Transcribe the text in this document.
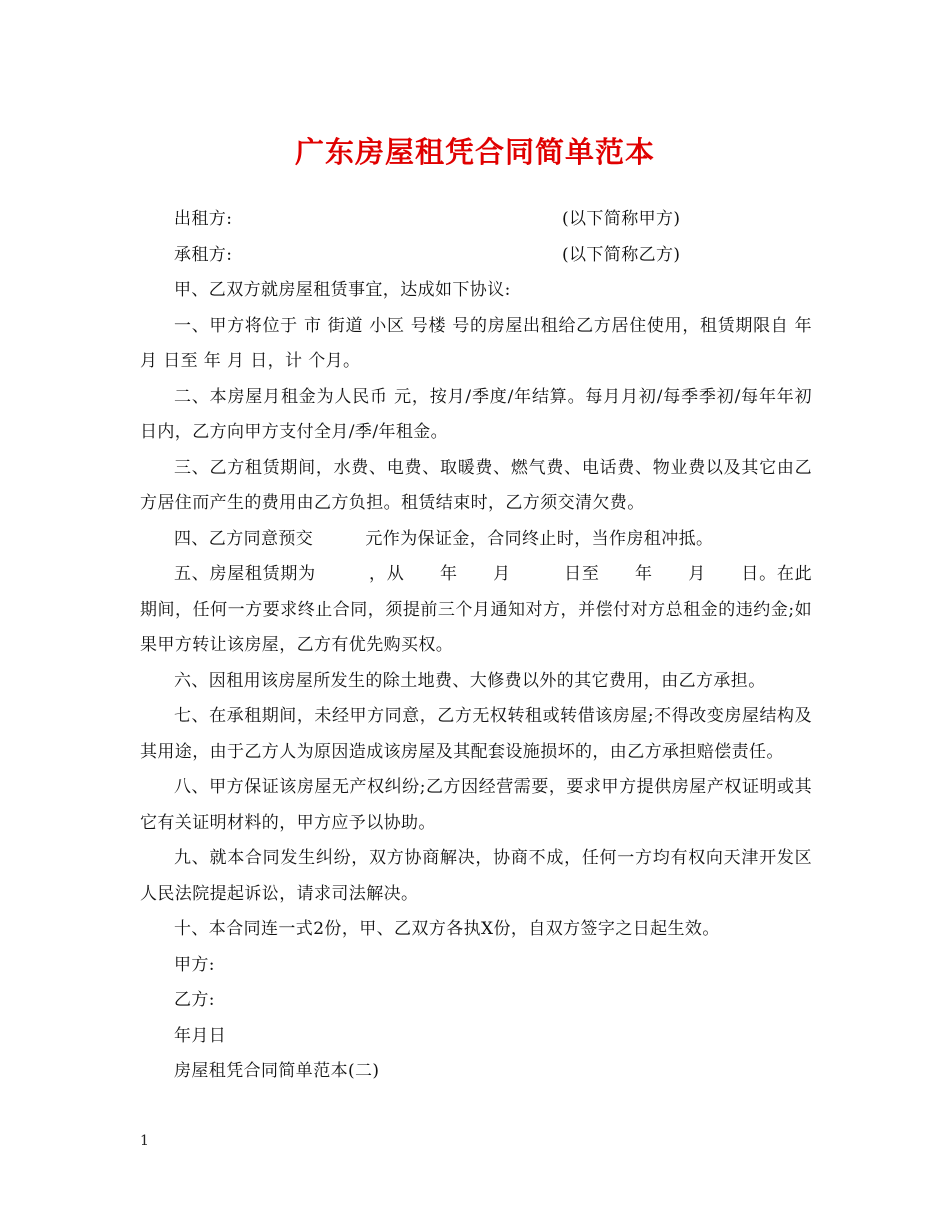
广东房屋租凭合同简单范本
出租方:	(以下简称甲方)
承租方:	(以下简称乙方)

甲、乙双方就房屋租赁事宜，达成如下协议:

一、甲方将位于 市 街道 小区 号楼 号的房屋出租给乙方居住使用，租赁期限自 年 月 日至 年 月 日，计 个月。

二、本房屋月租金为人民币 元，按月/季度/年结算。每月月初/每季季初/每年年初 日内，乙方向甲方支付全月/季/年租金。

三、乙方租赁期间，水费、电费、取暖费、燃气费、电话费、物业费以及其它由乙方居住而产生的费用由乙方负担。租赁结束时，乙方须交清欠费。

四、乙方同意预交　　　元作为保证金，合同终止时，当作房租冲抵。

五、房屋租赁期为　　　，从　　年　　月　　　日至　　年　　月　　日。在此期间，任何一方要求终止合同，须提前三个月通知对方，并偿付对方总租金的违约金;如果甲方转让该房屋，乙方有优先购买权。

六、因租用该房屋所发生的除土地费、大修费以外的其它费用，由乙方承担。

七、在承租期间，未经甲方同意，乙方无权转租或转借该房屋;不得改变房屋结构及其用途，由于乙方人为原因造成该房屋及其配套设施损坏的，由乙方承担赔偿责任。

八、甲方保证该房屋无产权纠纷;乙方因经营需要，要求甲方提供房屋产权证明或其它有关证明材料的，甲方应予以协助。

九、就本合同发生纠纷，双方协商解决，协商不成，任何一方均有权向天津开发区人民法院提起诉讼，请求司法解决。

十、本合同连一式2份，甲、乙双方各执X份，自双方签字之日起生效。

甲方:

乙方:

年月日

房屋租凭合同简单范本(二)

1
